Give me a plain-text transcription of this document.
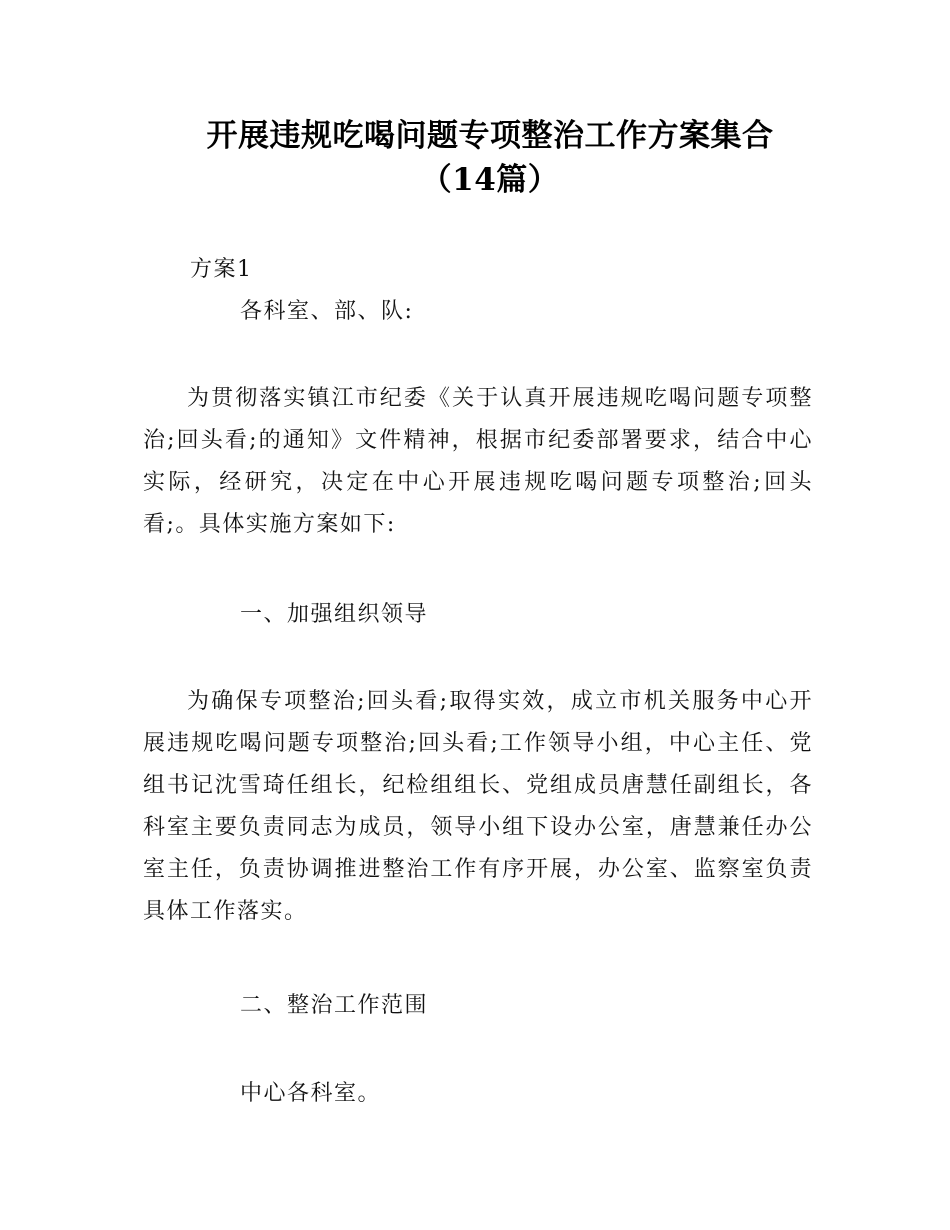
开展违规吃喝问题专项整治工作方案集合
（14篇）
方案1
各科室、部、队:
为贯彻落实镇江市纪委《关于认真开展违规吃喝问题专项整治;回头看;的通知》文件精神，根据市纪委部署要求，结合中心实际，经研究，决定在中心开展违规吃喝问题专项整治;回头看;。具体实施方案如下:
一、加强组织领导
为确保专项整治;回头看;取得实效，成立市机关服务中心开展违规吃喝问题专项整治;回头看;工作领导小组，中心主任、党组书记沈雪琦任组长，纪检组组长、党组成员唐慧任副组长，各科室主要负责同志为成员，领导小组下设办公室，唐慧兼任办公室主任，负责协调推进整治工作有序开展，办公室、监察室负责具体工作落实。
二、整治工作范围
中心各科室。
